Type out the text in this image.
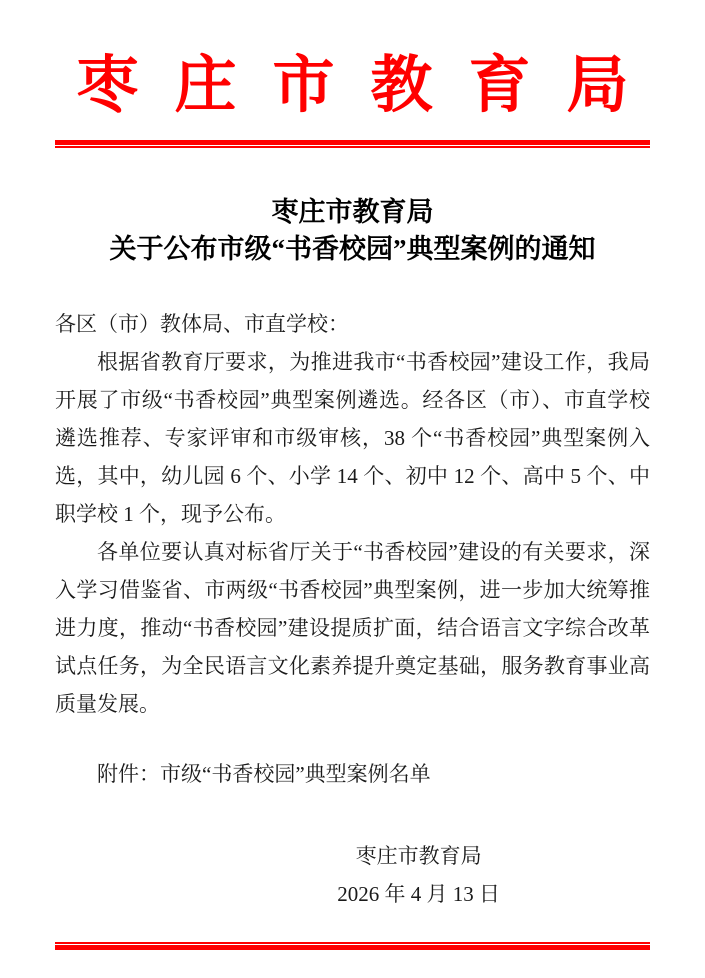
枣庄市教育局
枣庄市教育局
关于公布市级“书香校园”典型案例的通知

各区（市）教体局、市直学校：

根据省教育厅要求，为推进我市“书香校园”建设工作，我局开展了市级“书香校园”典型案例遴选。经各区（市）、市直学校遴选推荐、专家评审和市级审核，38 个“书香校园”典型案例入选，其中，幼儿园 6 个、小学 14 个、初中 12 个、高中 5 个、中职学校 1 个，现予公布。

各单位要认真对标省厅关于“书香校园”建设的有关要求，深入学习借鉴省、市两级“书香校园”典型案例，进一步加大统筹推进力度，推动“书香校园”建设提质扩面，结合语言文字综合改革试点任务，为全民语言文化素养提升奠定基础，服务教育事业高质量发展。

附件：市级“书香校园”典型案例名单

枣庄市教育局
2026 年 4 月 13 日
